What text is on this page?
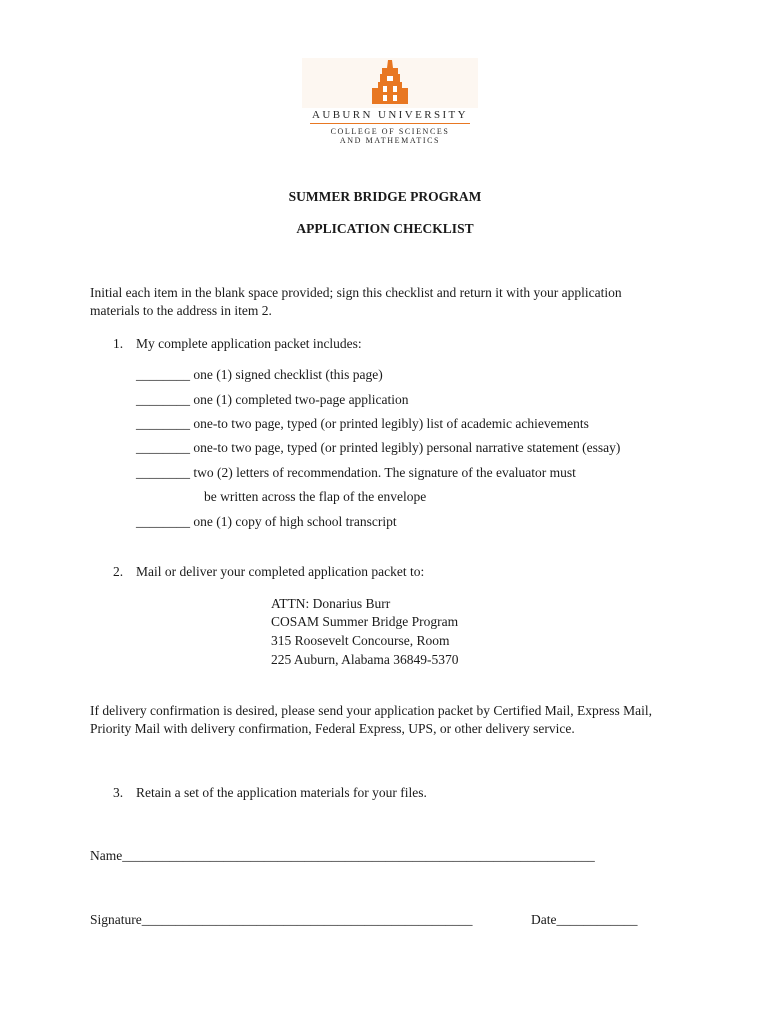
AUBURN UNIVERSITY
COLLEGE OF SCIENCES
AND MATHEMATICS
SUMMER BRIDGE PROGRAM
APPLICATION CHECKLIST
Initial each item in the blank space provided; sign this checklist and return it with your application
materials to the address in item 2.
1. My complete application packet includes:
________ one (1) signed checklist (this page)
________ one (1) completed two-page application
________ one-to two page, typed (or printed legibly) list of academic achievements
________ one-to two page, typed (or printed legibly) personal narrative statement (essay)
________ two (2) letters of recommendation. The signature of the evaluator must
be written across the flap of the envelope
________ one (1) copy of high school transcript
2. Mail or deliver your completed application packet to:
ATTN: Donarius Burr
COSAM Summer Bridge Program
315 Roosevelt Concourse, Room
225 Auburn, Alabama 36849-5370
If delivery confirmation is desired, please send your application packet by Certified Mail, Express Mail,
Priority Mail with delivery confirmation, Federal Express, UPS, or other delivery service.
3. Retain a set of the application materials for your files.
Name______________________________________________________________________
Signature_________________________________________________	Date____________
